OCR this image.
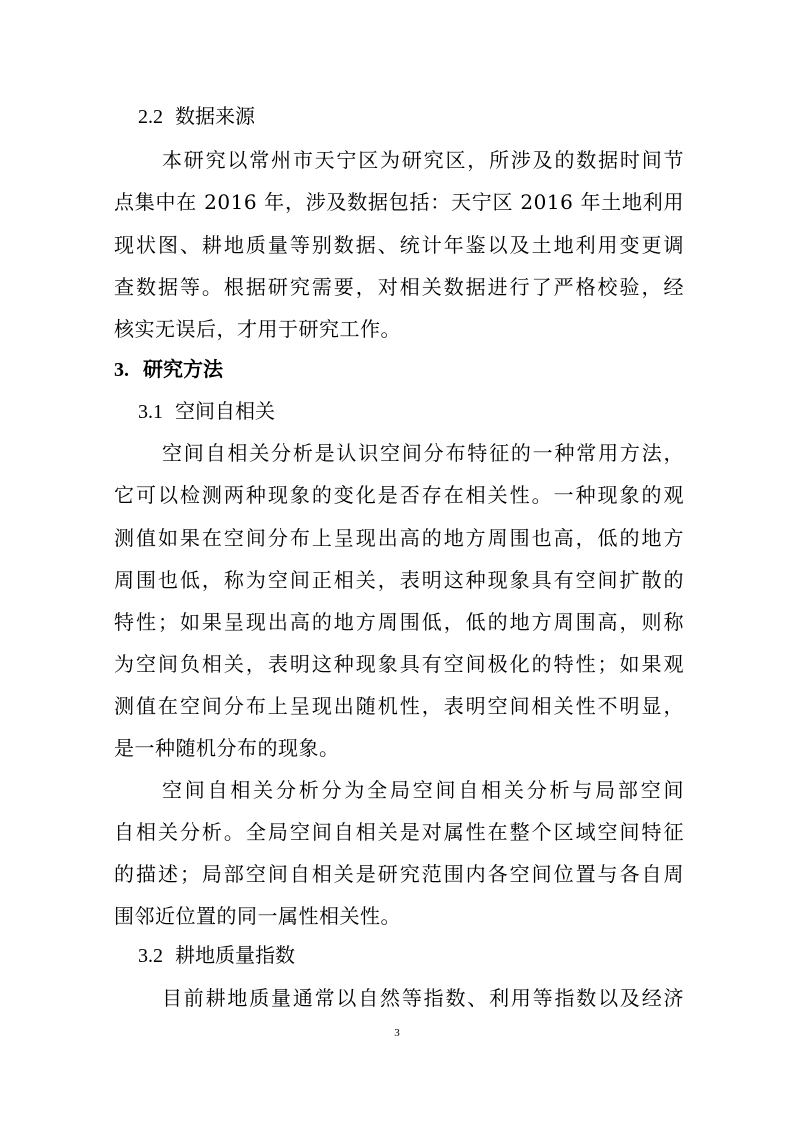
2.2 数据来源
本研究以常州市天宁区为研究区，所涉及的数据时间节
点集中在 2016 年，涉及数据包括：天宁区 2016 年土地利用
现状图、耕地质量等别数据、统计年鉴以及土地利用变更调
查数据等。根据研究需要，对相关数据进行了严格校验，经
核实无误后，才用于研究工作。
3. 研究方法
3.1 空间自相关
空间自相关分析是认识空间分布特征的一种常用方法，
它可以检测两种现象的变化是否存在相关性。一种现象的观
测值如果在空间分布上呈现出高的地方周围也高，低的地方
周围也低，称为空间正相关，表明这种现象具有空间扩散的
特性；如果呈现出高的地方周围低，低的地方周围高，则称
为空间负相关，表明这种现象具有空间极化的特性；如果观
测值在空间分布上呈现出随机性，表明空间相关性不明显，
是一种随机分布的现象。
空间自相关分析分为全局空间自相关分析与局部空间
自相关分析。全局空间自相关是对属性在整个区域空间特征
的描述；局部空间自相关是研究范围内各空间位置与各自周
围邻近位置的同一属性相关性。
3.2 耕地质量指数
目前耕地质量通常以自然等指数、利用等指数以及经济
3
